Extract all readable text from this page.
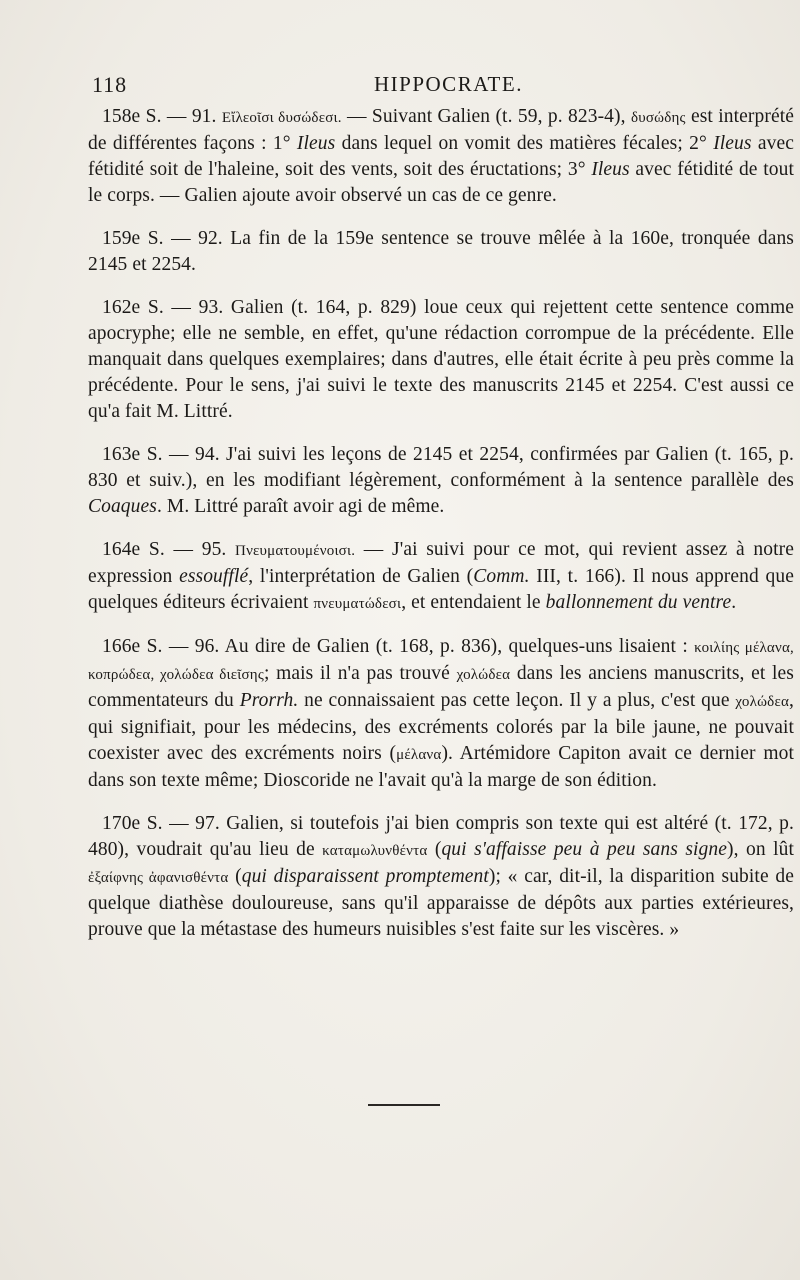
118	HIPPOCRATE.

158e S. — 91. Εἴλεοῖσι δυσώδεσι. — Suivant Galien (t. 59, p. 823-4), δυσώδης est interprété de différentes façons : 1° Ileus dans lequel on vomit des matières fécales; 2° Ileus avec fétidité soit de l'haleine, soit des vents, soit des éructations; 3° Ileus avec fétidité de tout le corps. — Galien ajoute avoir observé un cas de ce genre.

159e S. — 92. La fin de la 159e sentence se trouve mêlée à la 160e, tronquée dans 2145 et 2254.

162e S. — 93. Galien (t. 164, p. 829) loue ceux qui rejettent cette sentence comme apocryphe; elle ne semble, en effet, qu'une rédaction corrompue de la précédente. Elle manquait dans quelques exemplaires; dans d'autres, elle était écrite à peu près comme la précédente. Pour le sens, j'ai suivi le texte des manuscrits 2145 et 2254. C'est aussi ce qu'a fait M. Littré.

163e S. — 94. J'ai suivi les leçons de 2145 et 2254, confirmées par Galien (t. 165, p. 830 et suiv.), en les modifiant légèrement, conformément à la sentence parallèle des Coaques. M. Littré paraît avoir agi de même.

164e S. — 95. Πνευματουμένοισι. — J'ai suivi pour ce mot, qui revient assez à notre expression essoufflé, l'interprétation de Galien (Comm. III, t. 166). Il nous apprend que quelques éditeurs écrivaient πνευματώδεσι, et entendaient le ballonnement du ventre.

166e S. — 96. Au dire de Galien (t. 168, p. 836), quelques-uns lisaient : κοιλίης μέλανα, κοπρώδεα, χολώδεα διεῖσης; mais il n'a pas trouvé χολώδεα dans les anciens manuscrits, et les commentateurs du Prorrh. ne connaissaient pas cette leçon. Il y a plus, c'est que χολώδεα, qui signifiait, pour les médecins, des excréments colorés par la bile jaune, ne pouvait coexister avec des excréments noirs (μέλανα). Artémidore Capiton avait ce dernier mot dans son texte même; Dioscoride ne l'avait qu'à la marge de son édition.

170e S. — 97. Galien, si toutefois j'ai bien compris son texte qui est altéré (t. 172, p. 480), voudrait qu'au lieu de καταμωλυνθέντα (qui s'affaisse peu à peu sans signe), on lût ἐξαίφνης ἀφανισθέντα (qui disparaissent promptement); « car, dit-il, la disparition subite de quelque diathèse douloureuse, sans qu'il apparaisse de dépôts aux parties extérieures, prouve que la métastase des humeurs nuisibles s'est faite sur les viscères. »
